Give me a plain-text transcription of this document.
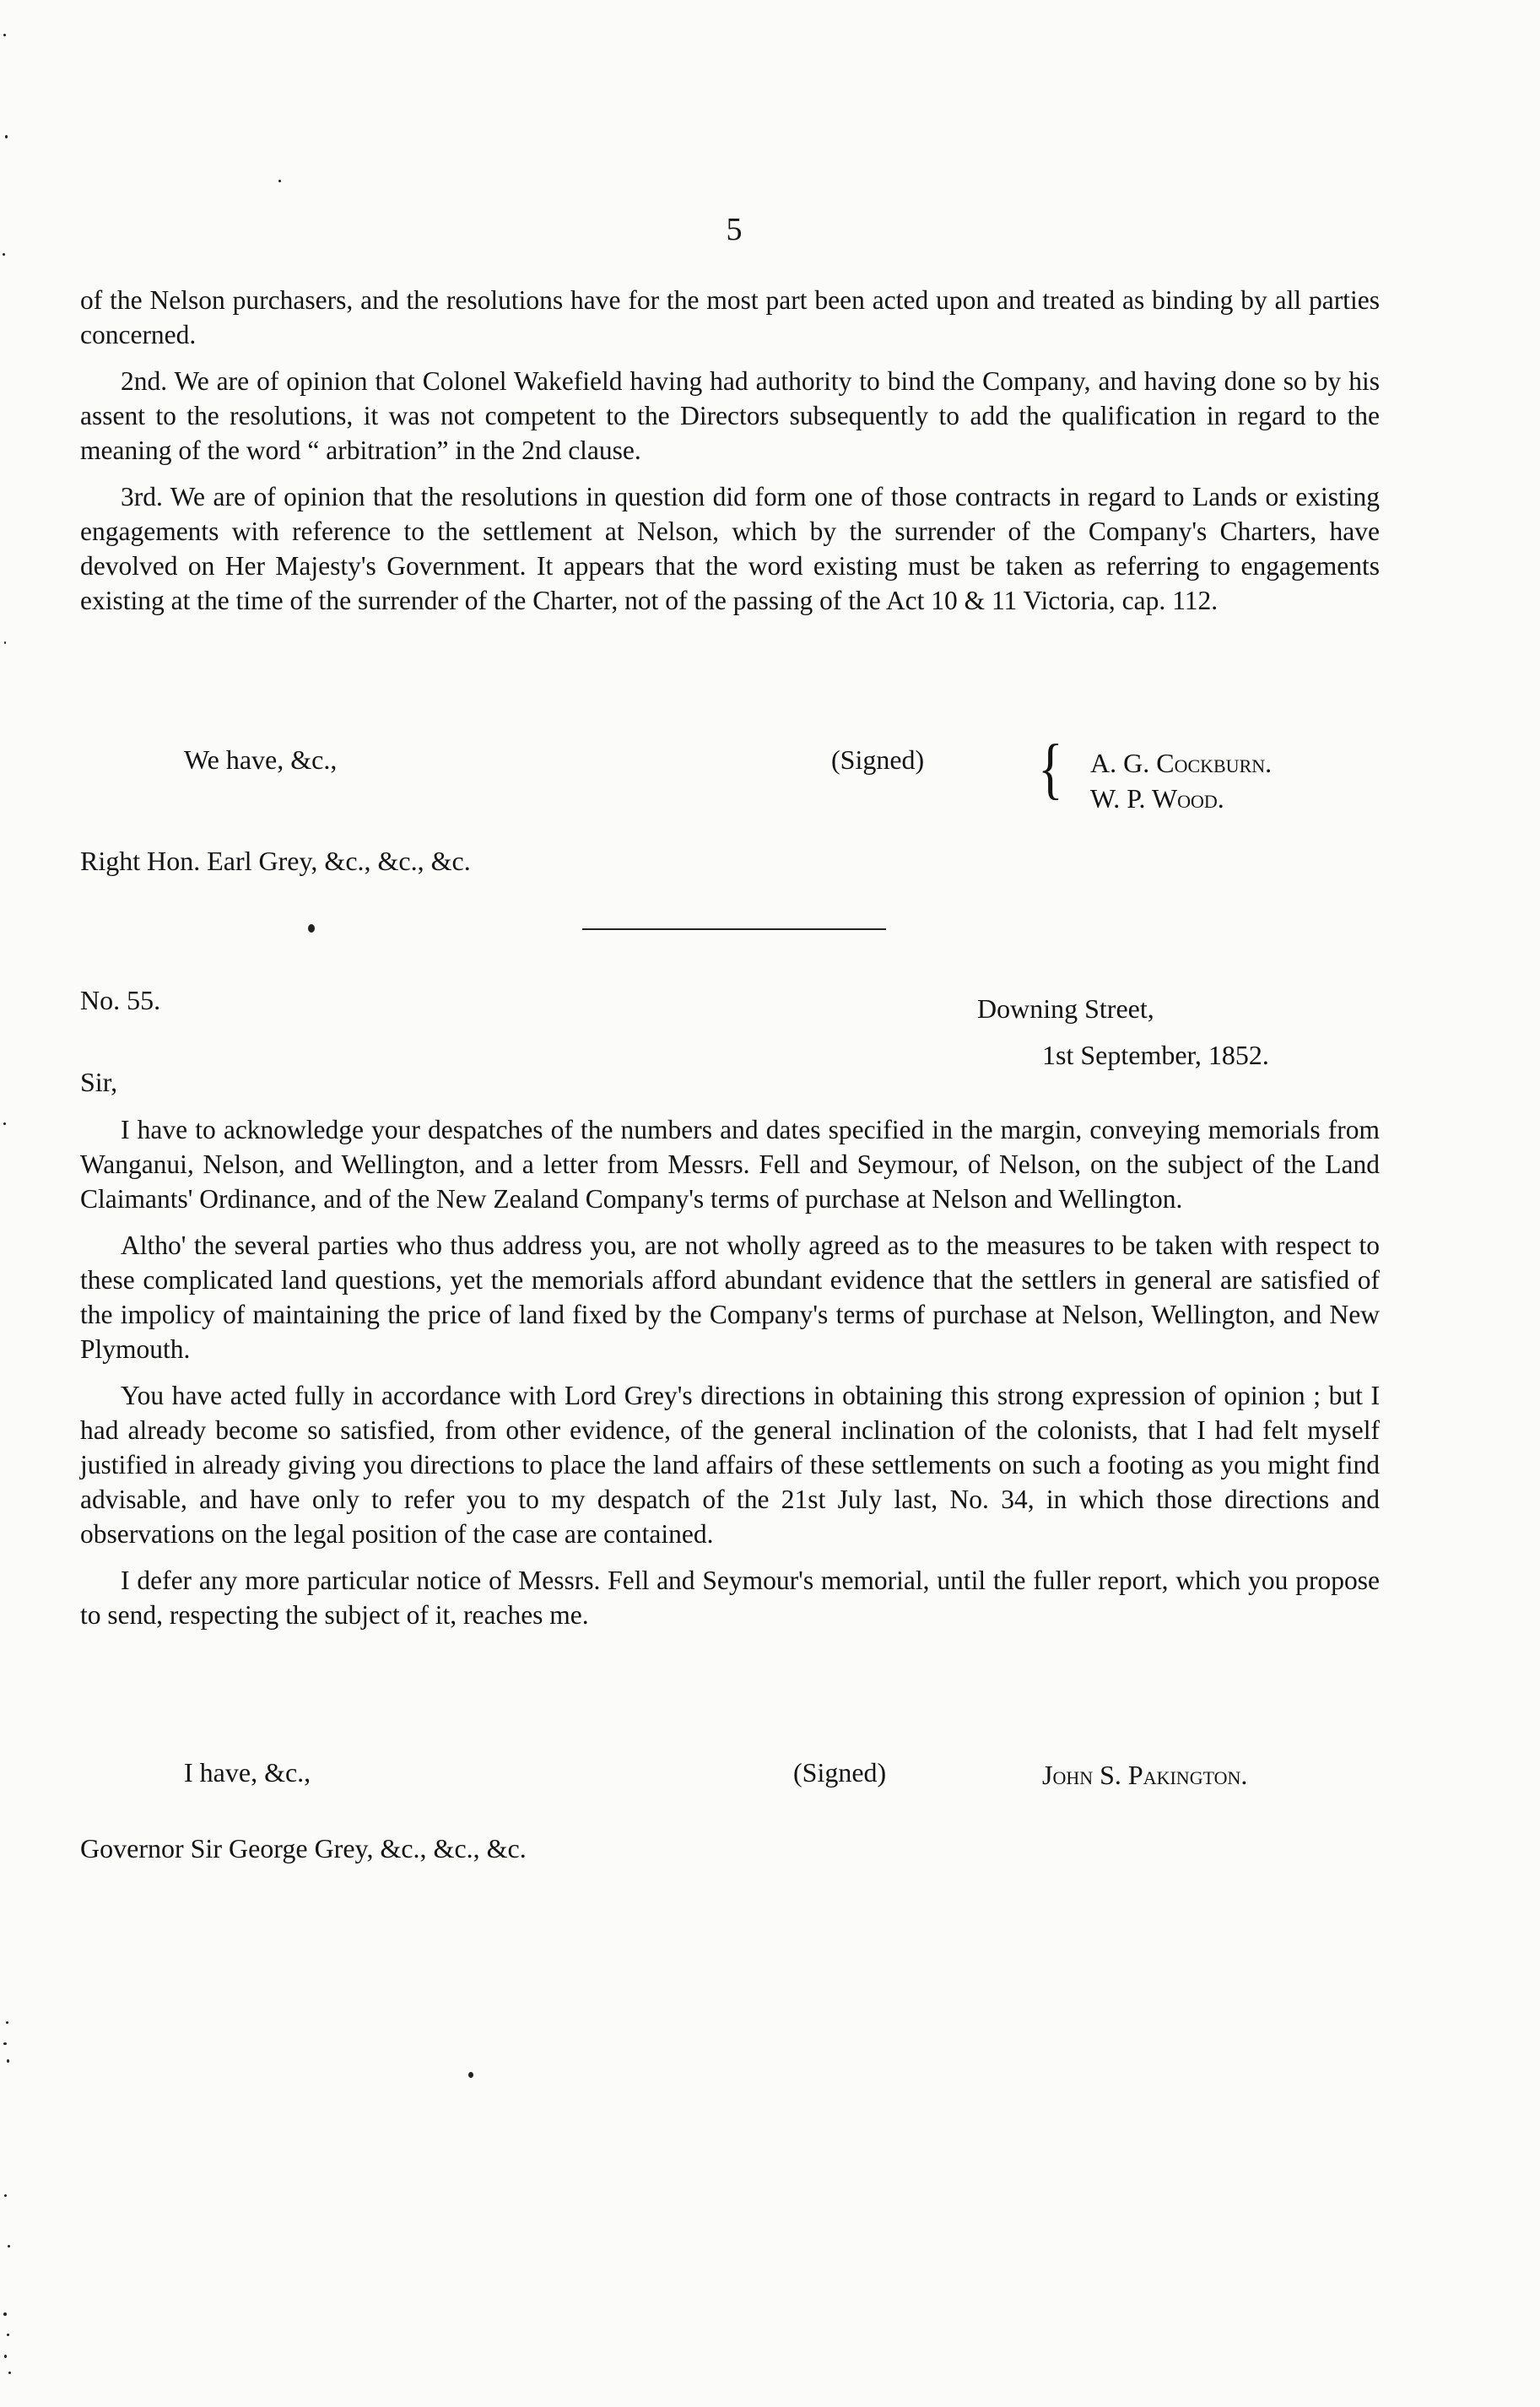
5

of the Nelson purchasers, and the resolutions have for the most part been acted upon and treated as binding by all parties concerned.

2nd. We are of opinion that Colonel Wakefield having had authority to bind the Company, and having done so by his assent to the resolutions, it was not competent to the Directors subsequently to add the qualification in regard to the meaning of the word “ arbitration” in the 2nd clause.

3rd. We are of opinion that the resolutions in question did form one of those contracts in regard to Lands or existing engagements with reference to the settlement at Nelson, which by the surrender of the Company's Charters, have devolved on Her Majesty's Government. It appears that the word existing must be taken as referring to engagements existing at the time of the surrender of the Charter, not of the passing of the Act 10 & 11 Victoria, cap. 112.

We have, &c.,	(Signed) { A. G. Cockburn.
W. P. Wood.
Right Hon. Earl Grey, &c., &c., &c.
No. 55.	Downing Street,
1st September, 1852.
Sir,

I have to acknowledge your despatches of the numbers and dates specified in the margin, conveying memorials from Wanganui, Nelson, and Wellington, and a letter from Messrs. Fell and Seymour, of Nelson, on the subject of the Land Claimants' Ordinance, and of the New Zealand Company's terms of purchase at Nelson and Wellington.

Altho' the several parties who thus address you, are not wholly agreed as to the measures to be taken with respect to these complicated land questions, yet the memorials afford abundant evidence that the settlers in general are satisfied of the impolicy of maintaining the price of land fixed by the Company's terms of purchase at Nelson, Wellington, and New Plymouth.

You have acted fully in accordance with Lord Grey's directions in obtaining this strong expression of opinion ; but I had already become so satisfied, from other evidence, of the general inclination of the colonists, that I had felt myself justified in already giving you directions to place the land affairs of these settlements on such a footing as you might find advisable, and have only to refer you to my despatch of the 21st July last, No. 34, in which those directions and observations on the legal position of the case are contained.

I defer any more particular notice of Messrs. Fell and Seymour's memorial, until the fuller report, which you propose to send, respecting the subject of it, reaches me.

I have, &c.,	(Signed)	John S. Pakington.
Governor Sir George Grey, &c., &c., &c.
